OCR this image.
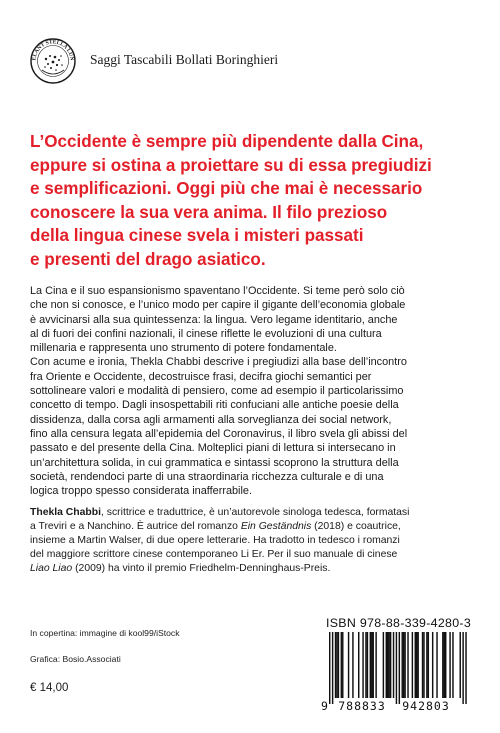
ELANT STELLA LUN Saggi Tascabili Bollati Boringhieri
L’Occidente è sempre più dipendente dalla Cina,
eppure si ostina a proiettare su di essa pregiudizi
e semplificazioni. Oggi più che mai è necessario
conoscere la sua vera anima. Il filo prezioso
della lingua cinese svela i misteri passati
e presenti del drago asiatico.
La Cina e il suo espansionismo spaventano l’Occidente. Si teme però solo ciò
che non si conosce, e l’unico modo per capire il gigante dell’economia globale
è avvicinarsi alla sua quintessenza: la lingua. Vero legame identitario, anche
al di fuori dei confini nazionali, il cinese riflette le evoluzioni di una cultura
millenaria e rappresenta uno strumento di potere fondamentale.
Con acume e ironia, Thekla Chabbi descrive i pregiudizi alla base dell’incontro
fra Oriente e Occidente, decostruisce frasi, decifra giochi semantici per
sottolineare valori e modalità di pensiero, come ad esempio il particolarissimo
concetto di tempo. Dagli insospettabili riti confuciani alle antiche poesie della
dissidenza, dalla corsa agli armamenti alla sorveglianza dei social network,
fino alla censura legata all’epidemia del Coronavirus, il libro svela gli abissi del
passato e del presente della Cina. Molteplici piani di lettura si intersecano in
un’architettura solida, in cui grammatica e sintassi scoprono la struttura della
società, rendendoci parte di una straordinaria ricchezza culturale e di una
logica troppo spesso considerata inafferrabile.
Thekla Chabbi, scrittrice e traduttrice, è un’autorevole sinologa tedesca, formatasi
a Treviri e a Nanchino. È autrice del romanzo Ein Geständnis (2018) e coautrice,
insieme a Martin Walser, di due opere letterarie. Ha tradotto in tedesco i romanzi
del maggiore scrittore cinese contemporaneo Li Er. Per il suo manuale di cinese
Liao Liao (2009) ha vinto il premio Friedhelm-Denninghaus-Preis.
In copertina: immagine di kool99/iStock
Grafica: Bosio.Associati
€ 14,00
ISBN 978-88-339-4280-3
9 788833 942803
